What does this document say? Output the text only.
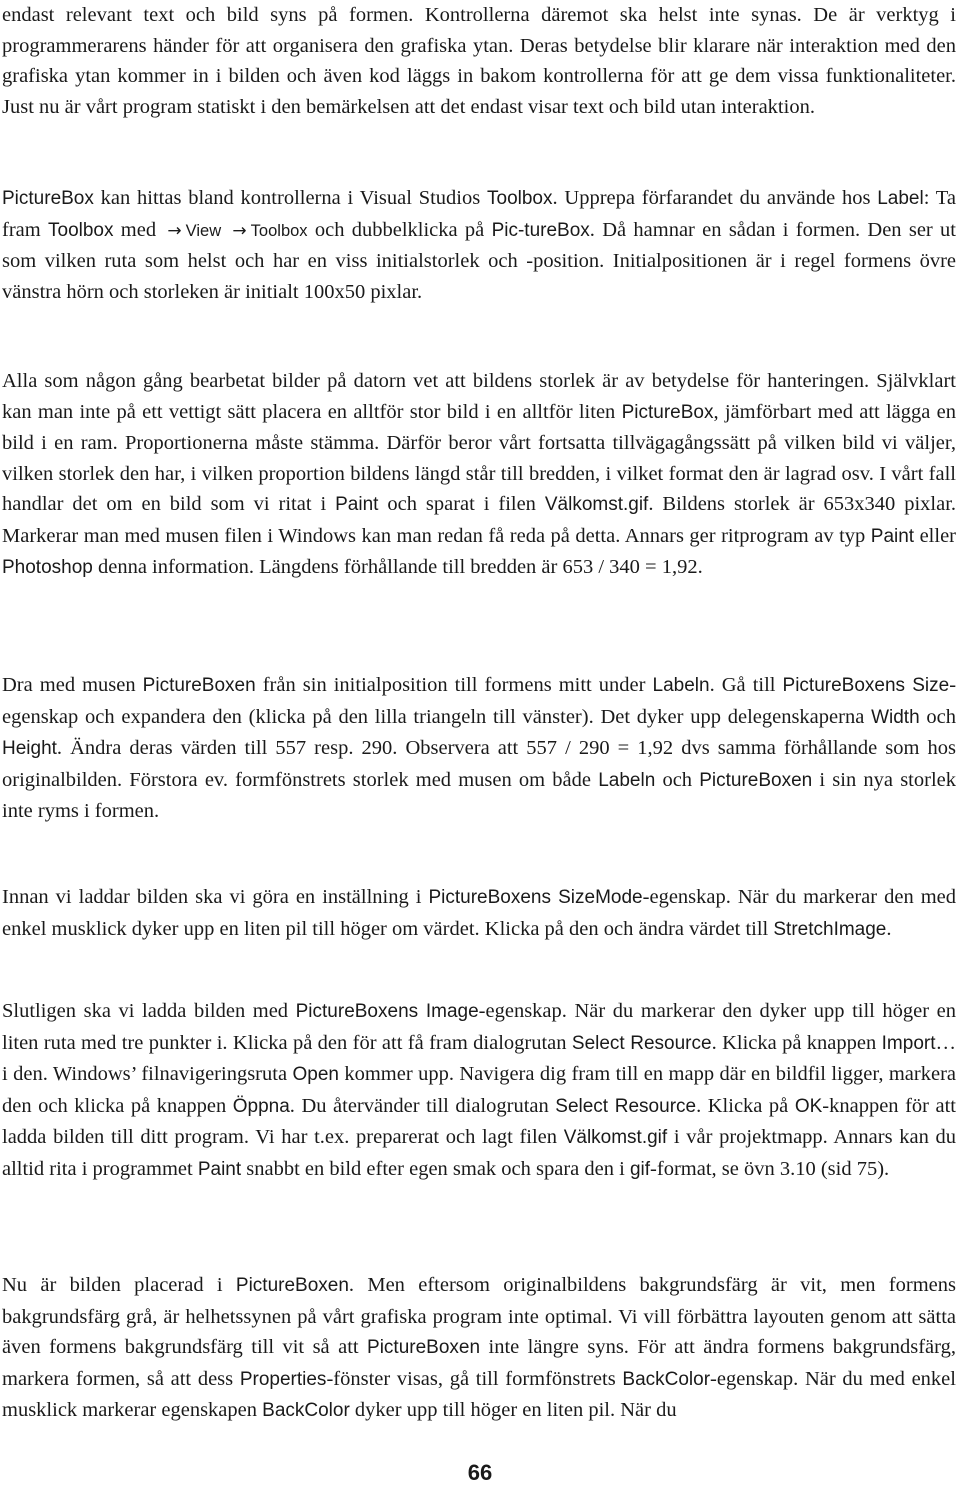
endast relevant text och bild syns på formen. Kontrollerna däremot ska helst inte synas. De är verktyg i programmerarens händer för att organisera den grafiska ytan. Deras betydelse blir klarare när interaktion med den grafiska ytan kommer in i bilden och även kod läggs in bakom kontrollerna för att ge dem vissa funktionaliteter. Just nu är vårt program statiskt i den bemärkelsen att det endast visar text och bild utan interaktion.

PictureBox kan hittas bland kontrollerna i Visual Studios Toolbox. Upprepa förfarandet du använde hos Label: Ta fram Toolbox med → View → Toolbox och dubbelklicka på Pic-tureBox. Då hamnar en sådan i formen. Den ser ut som vilken ruta som helst och har en viss initialstorlek och -position. Initialpositionen är i regel formens övre vänstra hörn och storleken är initialt 100x50 pixlar.

Alla som någon gång bearbetat bilder på datorn vet att bildens storlek är av betydelse för hanteringen. Självklart kan man inte på ett vettigt sätt placera en alltför stor bild i en alltför liten PictureBox, jämförbart med att lägga en bild i en ram. Proportionerna måste stämma. Därför beror vårt fortsatta tillvägagångssätt på vilken bild vi väljer, vilken storlek den har, i vilken proportion bildens längd står till bredden, i vilket format den är lagrad osv. I vårt fall handlar det om en bild som vi ritat i Paint och sparat i filen Välkomst.gif. Bildens storlek är 653x340 pixlar. Markerar man med musen filen i Windows kan man redan få reda på detta. Annars ger ritprogram av typ Paint eller Photoshop denna information. Längdens förhållande till bredden är 653 / 340 = 1,92.

Dra med musen PictureBoxen från sin initialposition till formens mitt under Labeln. Gå till PictureBoxens Size-egenskap och expandera den (klicka på den lilla triangeln till vänster). Det dyker upp delegenskaperna Width och Height. Ändra deras värden till 557 resp. 290. Observera att 557 / 290 = 1,92 dvs samma förhållande som hos originalbilden. Förstora ev. formfönstrets storlek med musen om både Labeln och PictureBoxen i sin nya storlek inte ryms i formen.

Innan vi laddar bilden ska vi göra en inställning i PictureBoxens SizeMode-egenskap. När du markerar den med enkel musklick dyker upp en liten pil till höger om värdet. Klicka på den och ändra värdet till StretchImage.

Slutligen ska vi ladda bilden med PictureBoxens Image-egenskap. När du markerar den dyker upp till höger en liten ruta med tre punkter i. Klicka på den för att få fram dialogrutan Select Resource. Klicka på knappen Import… i den. Windows’ filnavigeringsruta Open kommer upp. Navigera dig fram till en mapp där en bildfil ligger, markera den och klicka på knappen Öppna. Du återvänder till dialogrutan Select Resource. Klicka på OK-knappen för att ladda bilden till ditt program. Vi har t.ex. preparerat och lagt filen Välkomst.gif i vår projektmapp. Annars kan du alltid rita i programmet Paint snabbt en bild efter egen smak och spara den i gif-format, se övn 3.10 (sid 75).

Nu är bilden placerad i PictureBoxen. Men eftersom originalbildens bakgrundsfärg är vit, men formens bakgrundsfärg grå, är helhetssynen på vårt grafiska program inte optimal. Vi vill förbättra layouten genom att sätta även formens bakgrundsfärg till vit så att PictureBoxen inte längre syns. För att ändra formens bakgrundsfärg, markera formen, så att dess Properties-fönster visas, gå till formfönstrets BackColor-egenskap. När du med enkel musklick markerar egenskapen BackColor dyker upp till höger en liten pil. När du

66
